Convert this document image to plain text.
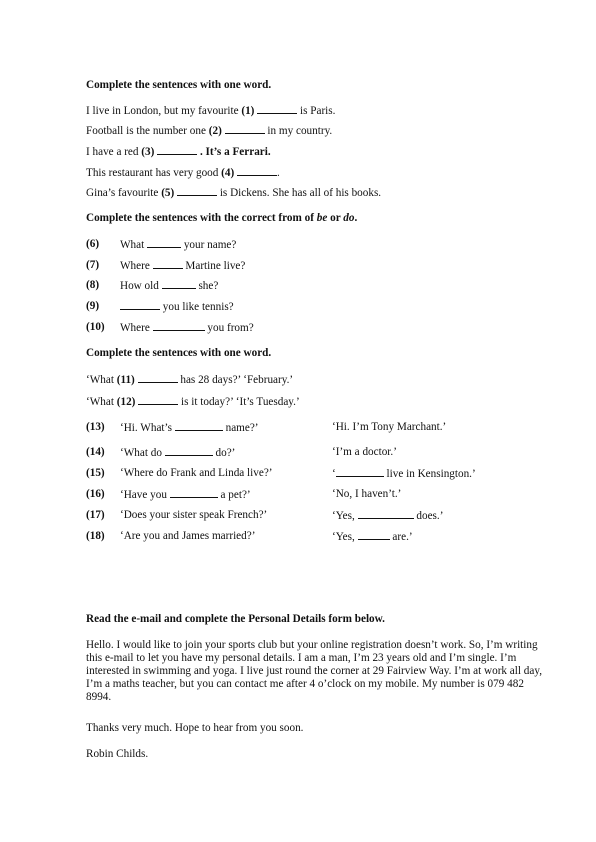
Complete the sentences with one word.
I live in London, but my favourite (1)	is Paris.
Football is the number one (2)	in my country.
I have a red (3)	. It’s a Ferrari.
This restaurant has very good (4)	.
Gina’s favourite (5)	is Dickens. She has all of his books.
Complete the sentences with the correct from of be or do.
(6) What	your name?
(7) Where	Martine live?
(8) How old	she?
(9)	you like tennis?
(10) Where	you from?
Complete the sentences with one word.
‘What (11)	has 28 days?’ ‘February.’
‘What (12)	is it today?’ ‘It’s Tuesday.’
(13) ‘Hi. What’s	name?’	‘Hi. I’m Tony Marchant.’
(14) ‘What do	do?’	‘I’m a doctor.’
(15) ‘Where do Frank and Linda live?’	‘	live in Kensington.’
(16) ‘Have you	a pet?’	‘No, I haven’t.’
(17) ‘Does your sister speak French?’	‘Yes,	does.’
(18) ‘Are you and James married?’	‘Yes,	are.’
Read the e-mail and complete the Personal Details form below.
Hello. I would like to join your sports club but your online registration doesn’t work. So, I’m writing this e-mail to let you have my personal details. I am a man, I’m 23 years old and I’m single. I’m interested in swimming and yoga. I live just round the corner at 29 Fairview Way. I’m at work all day, I’m a maths teacher, but you can contact me after 4 o’clock on my mobile. My number is 079 482 8994.
Thanks very much. Hope to hear from you soon.
Robin Childs.
